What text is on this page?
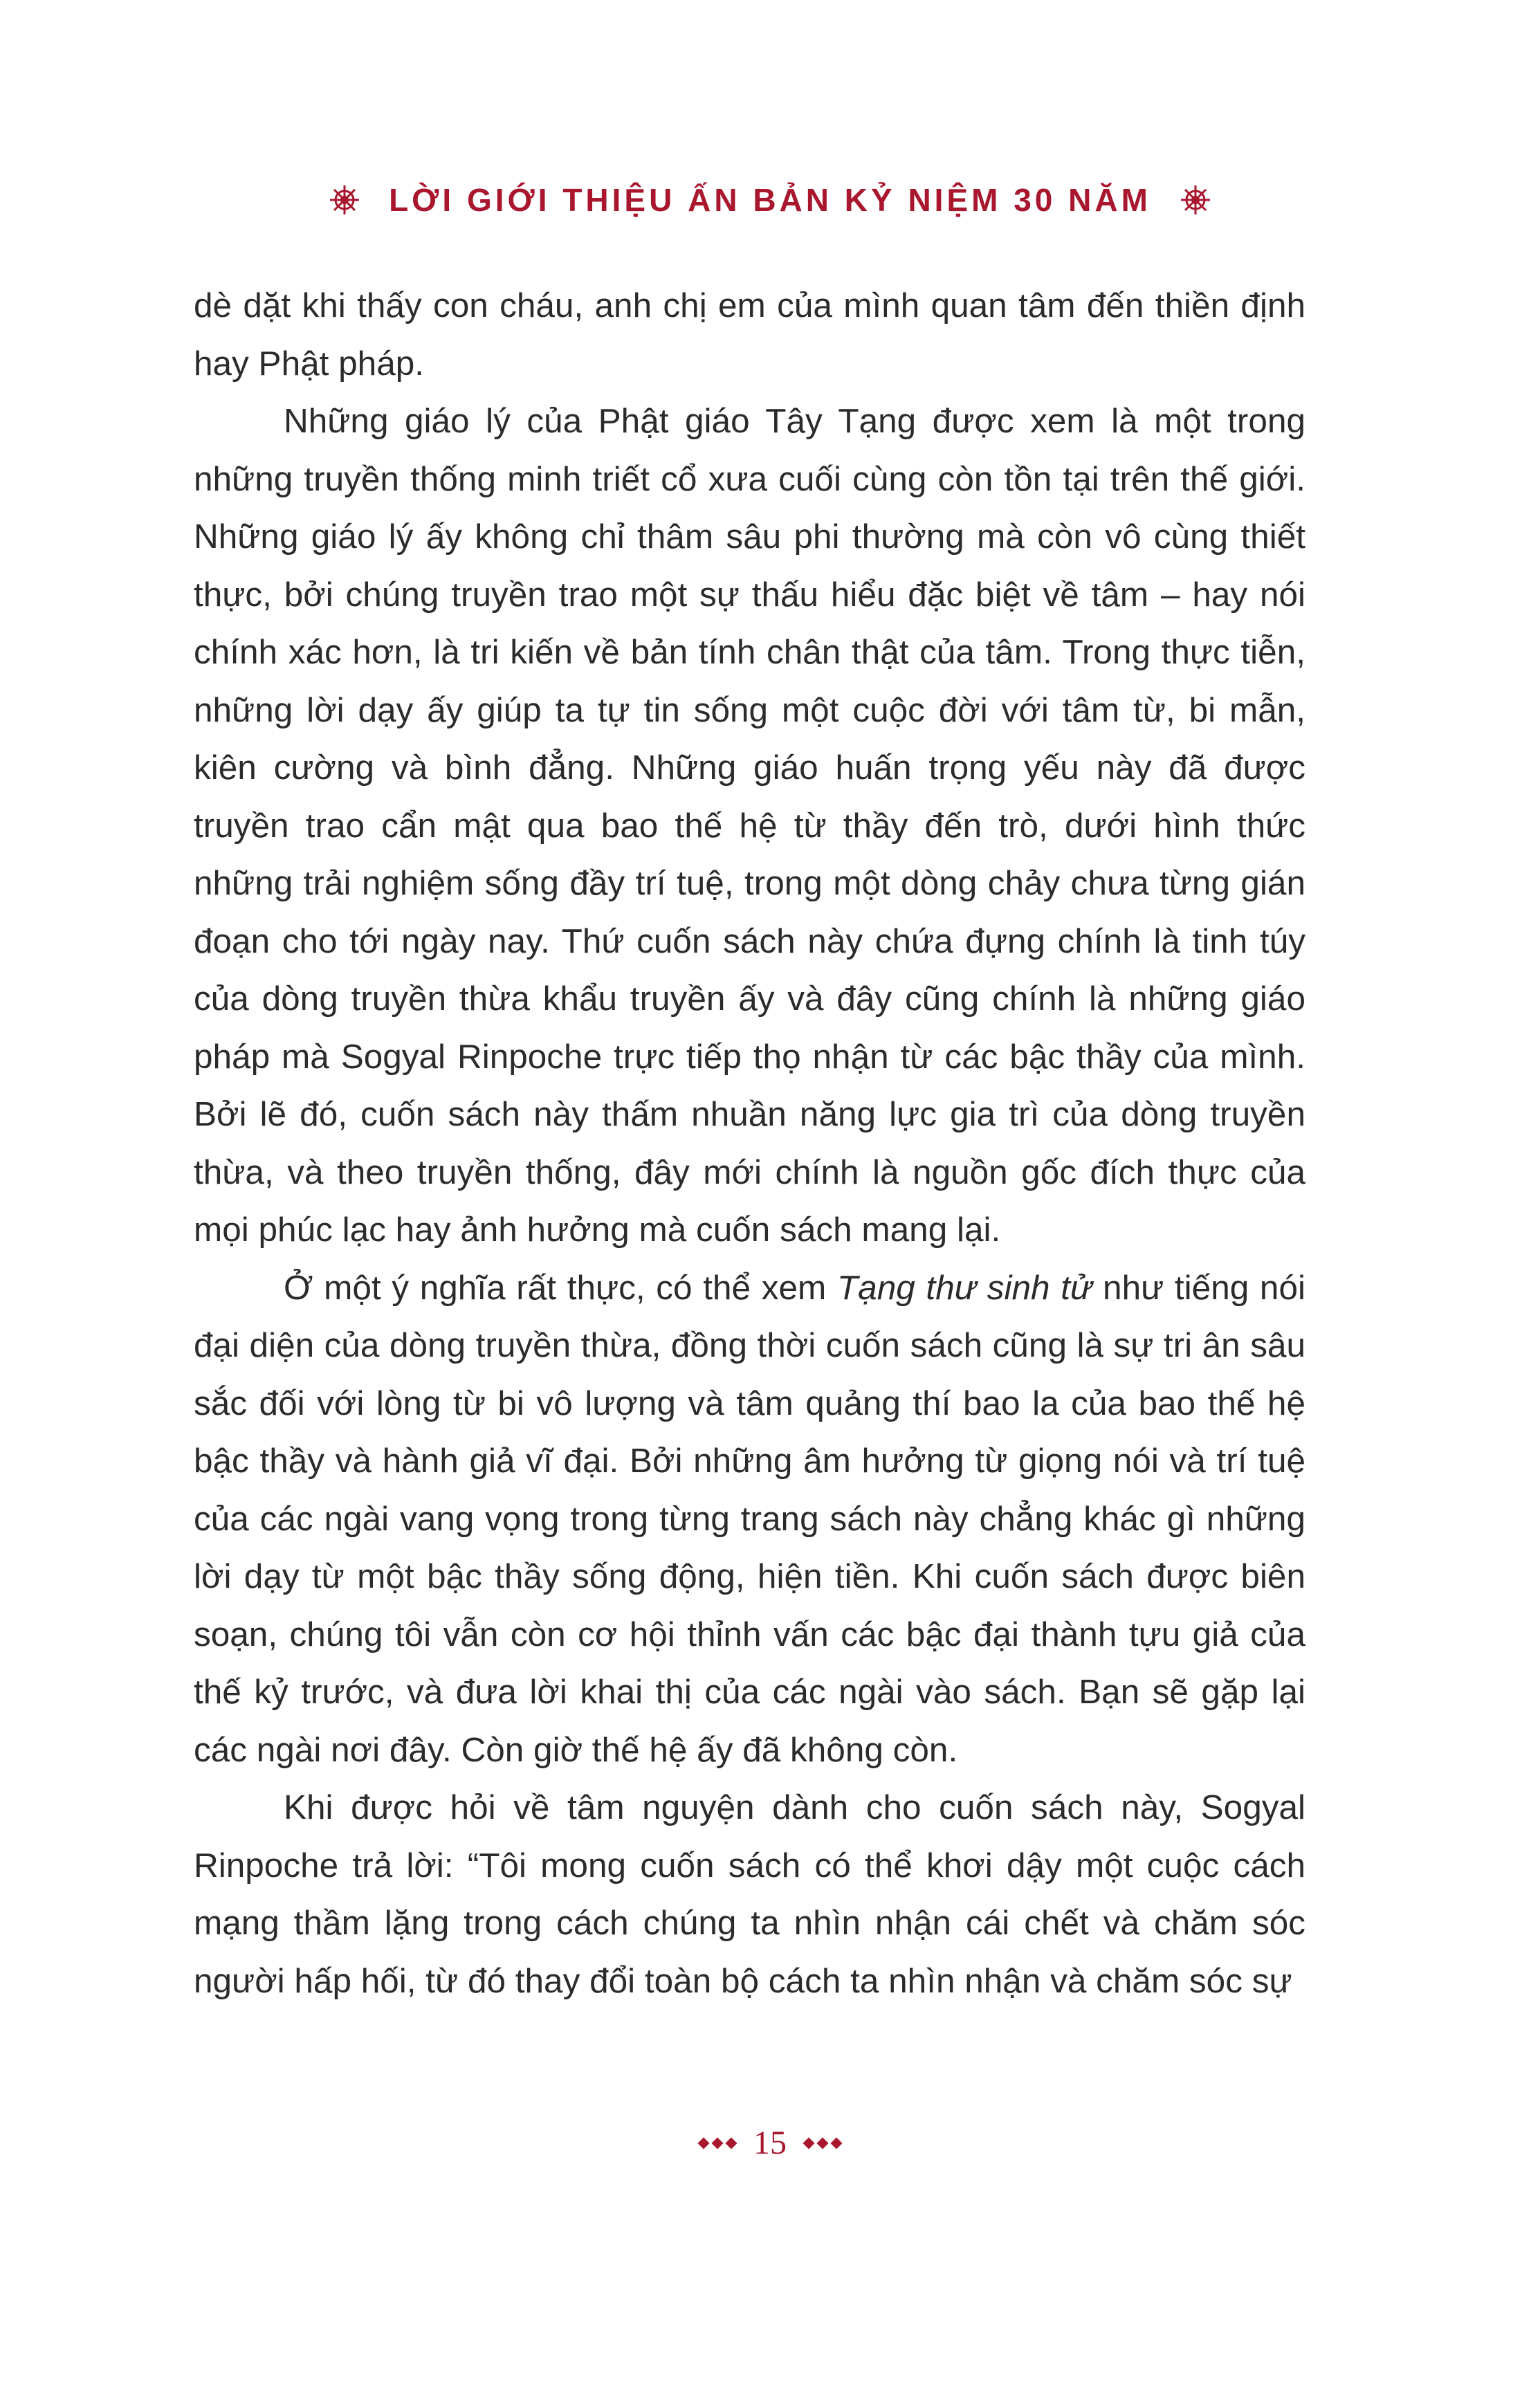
LỜI GIỚI THIỆU ẤN BẢN KỶ NIỆM 30 NĂM

dè dặt khi thấy con cháu, anh chị em của mình quan tâm đến thiền định hay Phật pháp.

Những giáo lý của Phật giáo Tây Tạng được xem là một trong những truyền thống minh triết cổ xưa cuối cùng còn tồn tại trên thế giới. Những giáo lý ấy không chỉ thâm sâu phi thường mà còn vô cùng thiết thực, bởi chúng truyền trao một sự thấu hiểu đặc biệt về tâm – hay nói chính xác hơn, là tri kiến về bản tính chân thật của tâm. Trong thực tiễn, những lời dạy ấy giúp ta tự tin sống một cuộc đời với tâm từ, bi mẫn, kiên cường và bình đẳng. Những giáo huấn trọng yếu này đã được truyền trao cẩn mật qua bao thế hệ từ thầy đến trò, dưới hình thức những trải nghiệm sống đầy trí tuệ, trong một dòng chảy chưa từng gián đoạn cho tới ngày nay. Thứ cuốn sách này chứa đựng chính là tinh túy của dòng truyền thừa khẩu truyền ấy và đây cũng chính là những giáo pháp mà Sogyal Rinpoche trực tiếp thọ nhận từ các bậc thầy của mình. Bởi lẽ đó, cuốn sách này thấm nhuần năng lực gia trì của dòng truyền thừa, và theo truyền thống, đây mới chính là nguồn gốc đích thực của mọi phúc lạc hay ảnh hưởng mà cuốn sách mang lại.

Ở một ý nghĩa rất thực, có thể xem Tạng thư sinh tử như tiếng nói đại diện của dòng truyền thừa, đồng thời cuốn sách cũng là sự tri ân sâu sắc đối với lòng từ bi vô lượng và tâm quảng thí bao la của bao thế hệ bậc thầy và hành giả vĩ đại. Bởi những âm hưởng từ giọng nói và trí tuệ của các ngài vang vọng trong từng trang sách này chẳng khác gì những lời dạy từ một bậc thầy sống động, hiện tiền. Khi cuốn sách được biên soạn, chúng tôi vẫn còn cơ hội thỉnh vấn các bậc đại thành tựu giả của thế kỷ trước, và đưa lời khai thị của các ngài vào sách. Bạn sẽ gặp lại các ngài nơi đây. Còn giờ thế hệ ấy đã không còn.

Khi được hỏi về tâm nguyện dành cho cuốn sách này, Sogyal Rinpoche trả lời: “Tôi mong cuốn sách có thể khơi dậy một cuộc cách mạng thầm lặng trong cách chúng ta nhìn nhận cái chết và chăm sóc người hấp hối, từ đó thay đổi toàn bộ cách ta nhìn nhận và chăm sóc sự

15
